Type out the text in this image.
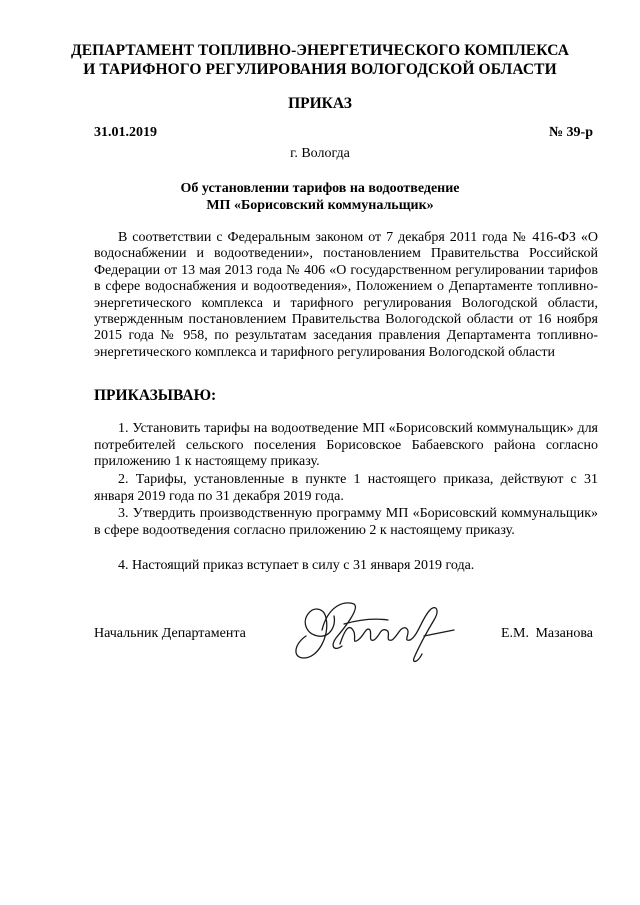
ДЕПАРТАМЕНТ ТОПЛИВНО-ЭНЕРГЕТИЧЕСКОГО КОМПЛЕКСА
И ТАРИФНОГО РЕГУЛИРОВАНИЯ ВОЛОГОДСКОЙ ОБЛАСТИ
ПРИКАЗ
31.01.2019	№ 39-р
г. Вологда
Об установлении тарифов на водоотведение
МП «Борисовский коммунальщик»

В соответствии с Федеральным законом от 7 декабря 2011 года № 416-ФЗ «О водоснабжении и водоотведении», постановлением Правительства Российской Федерации от 13 мая 2013 года № 406 «О государственном регулировании тарифов в сфере водоснабжения и водоотведения», Положением о Департаменте топливно-энергетического комплекса и тарифного регулирования Вологодской области, утвержденным постановлением Правительства Вологодской области от 16 ноября 2015 года № 958, по результатам заседания правления Департамента топливно-энергетического комплекса и тарифного регулирования Вологодской области

ПРИКАЗЫВАЮ:

1. Установить тарифы на водоотведение МП «Борисовский коммунальщик» для потребителей сельского поселения Борисовское Бабаевского района согласно приложению 1 к настоящему приказу.

2. Тарифы, установленные в пункте 1 настоящего приказа, действуют с 31 января 2019 года по 31 декабря 2019 года.

3. Утвердить производственную программу МП «Борисовский коммунальщик» в сфере водоотведения согласно приложению 2 к настоящему приказу.

4. Настоящий приказ вступает в силу с 31 января 2019 года.

Начальник Департамента	Е.М. Мазанова
